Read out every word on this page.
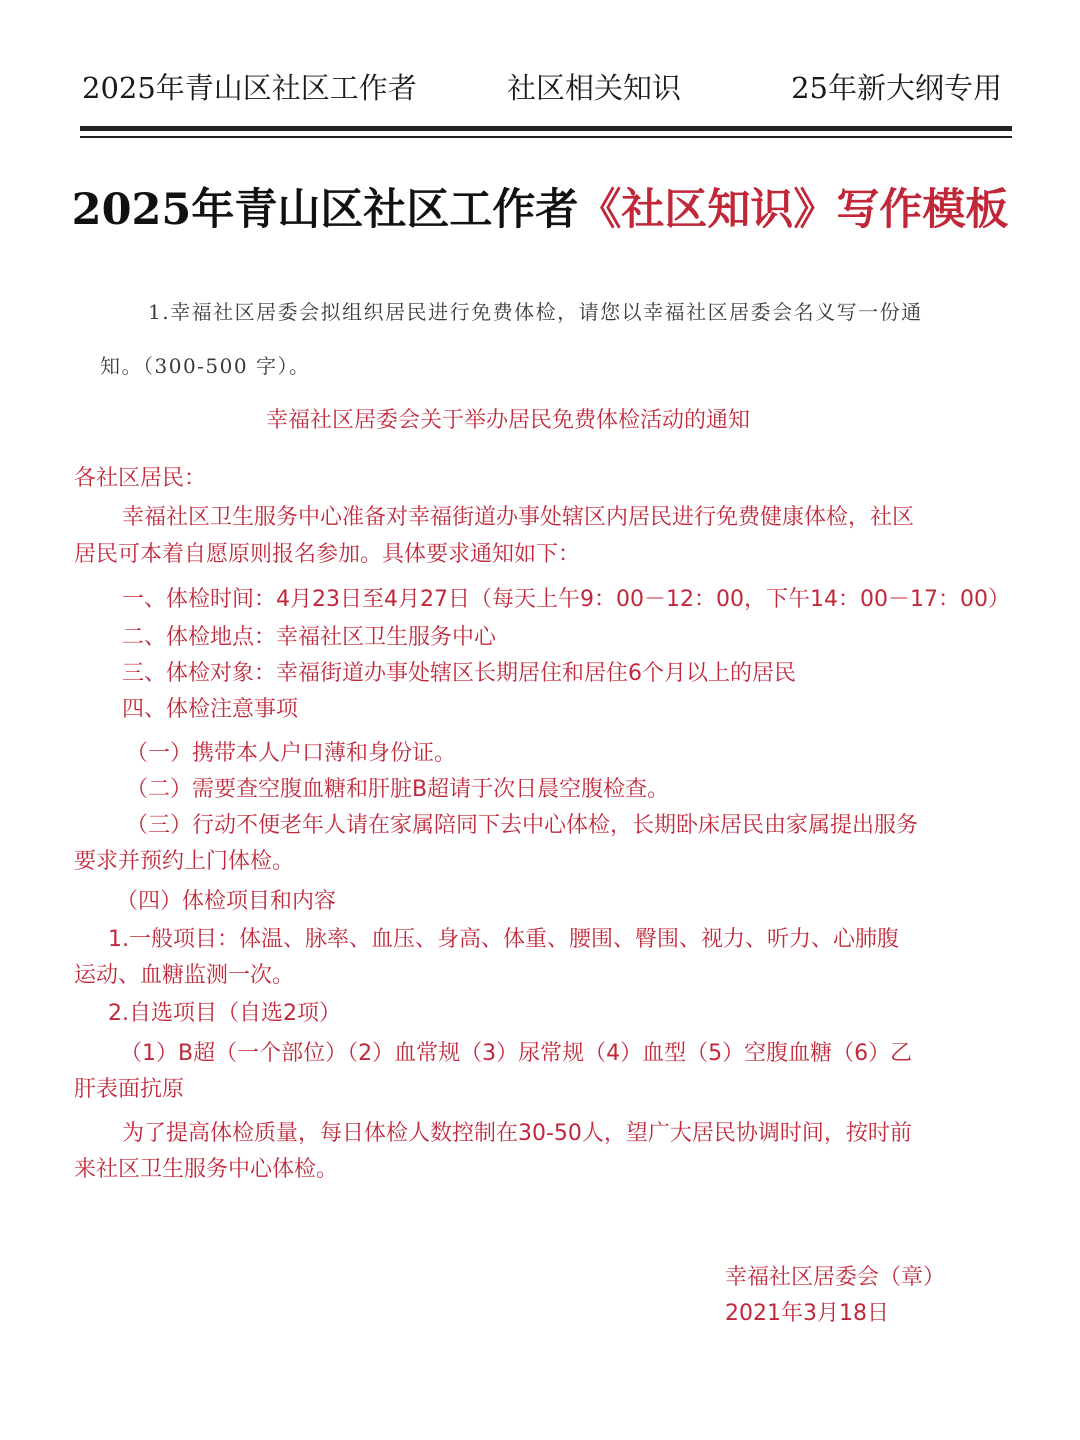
2025年青山区社区工作者	社区相关知识	25年新大纲专用
2025年青山区社区工作者《社区知识》写作模板
1.幸福社区居委会拟组织居民进行免费体检，请您以幸福社区居委会名义写一份通
知。（300-500 字）。
幸福社区居委会关于举办居民免费体检活动的通知
各社区居民：
幸福社区卫生服务中心准备对幸福街道办事处辖区内居民进行免费健康体检，社区
居民可本着自愿原则报名参加。具体要求通知如下：
一、体检时间：4月23日至4月27日（每天上午9：00－12：00，下午14：00－17：00）
二、体检地点：幸福社区卫生服务中心
三、体检对象：幸福街道办事处辖区长期居住和居住6个月以上的居民
四、体检注意事项
（一）携带本人户口薄和身份证。
（二）需要查空腹血糖和肝脏B超请于次日晨空腹检查。
（三）行动不便老年人请在家属陪同下去中心体检，长期卧床居民由家属提出服务
要求并预约上门体检。
（四）体检项目和内容
1.一般项目：体温、脉率、血压、身高、体重、腰围、臀围、视力、听力、心肺腹
运动、血糖监测一次。
2.自选项目（自选2项）
（1）B超（一个部位）（2）血常规（3）尿常规（4）血型（5）空腹血糖（6）乙
肝表面抗原
为了提高体检质量，每日体检人数控制在30-50人，望广大居民协调时间，按时前
来社区卫生服务中心体检。
幸福社区居委会（章）
2021年3月18日
